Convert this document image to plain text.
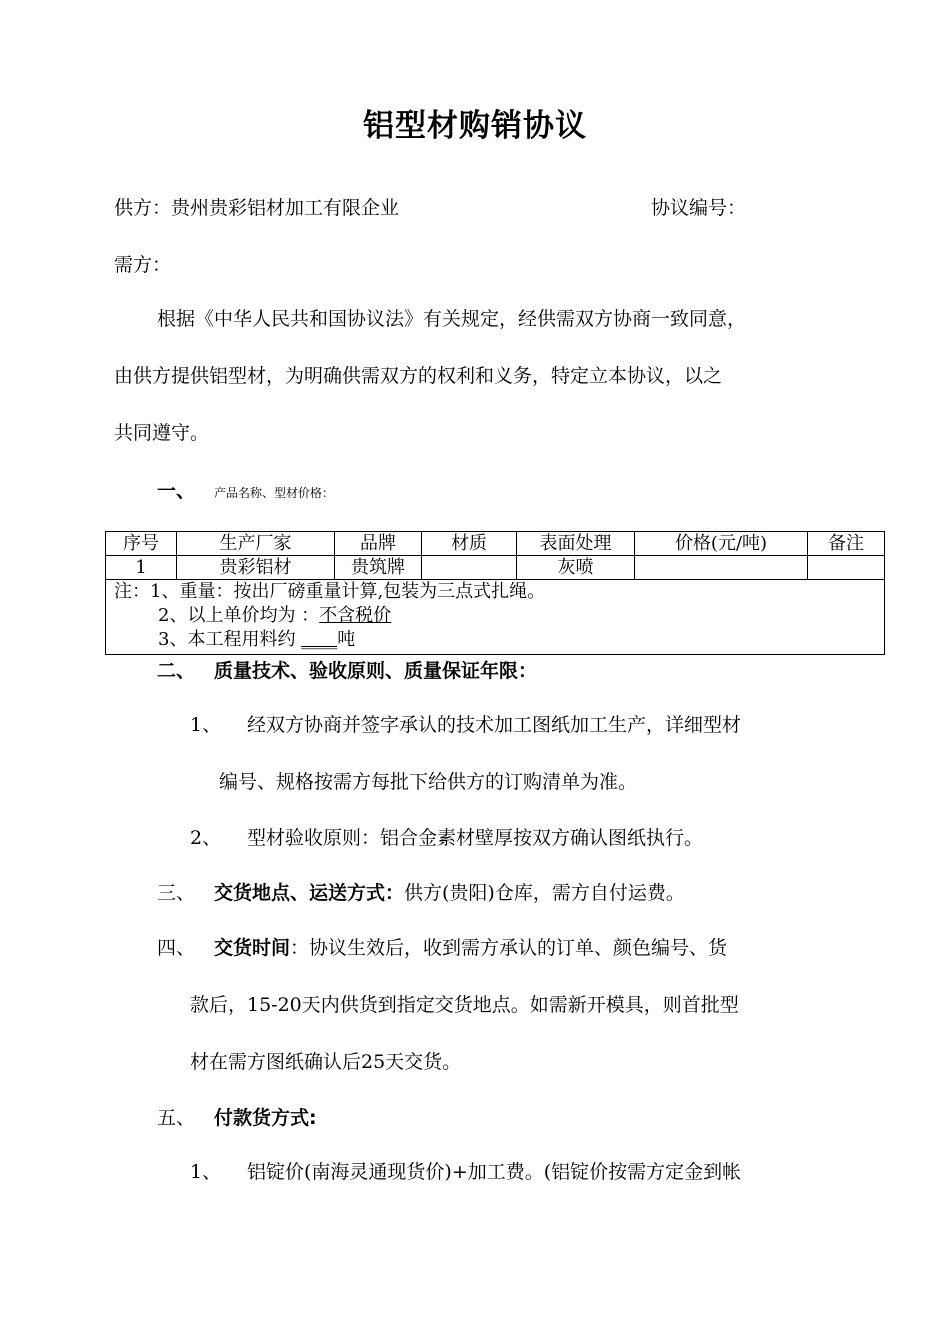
铝型材购销协议
供方：贵州贵彩铝材加工有限企业	协议编号：
需方：
根据《中华人民共和国协议法》有关规定，经供需双方协商一致同意，
由供方提供铝型材，为明确供需双方的权利和义务，特定立本协议，以之
共同遵守。
一、 产品名称、型材价格：
序号	生产厂家	品牌	材质	表面处理	价格(元/吨)	备注
1	贵彩铝材	贵筑牌		灰喷		

注：1、重量：按出厂磅重量计算,包装为三点式扎绳。
2、以上单价均为 ：不含税价
3、本工程用料约 ____吨						
二、 质量技术、验收原则、质量保证年限：
1、 经双方协商并签字承认的技术加工图纸加工生产，详细型材
编号、规格按需方每批下给供方的订购清单为准。
2、 型材验收原则：铝合金素材壁厚按双方确认图纸执行。
三、 交货地点、运送方式：供方(贵阳)仓库，需方自付运费。
四、 交货时间：协议生效后，收到需方承认的订单、颜色编号、货
款后，15-20天内供货到指定交货地点。如需新开模具，则首批型
材在需方图纸确认后25天交货。
五、 付款货方式:
1、 铝锭价(南海灵通现货价)+加工费。(铝锭价按需方定金到帐
